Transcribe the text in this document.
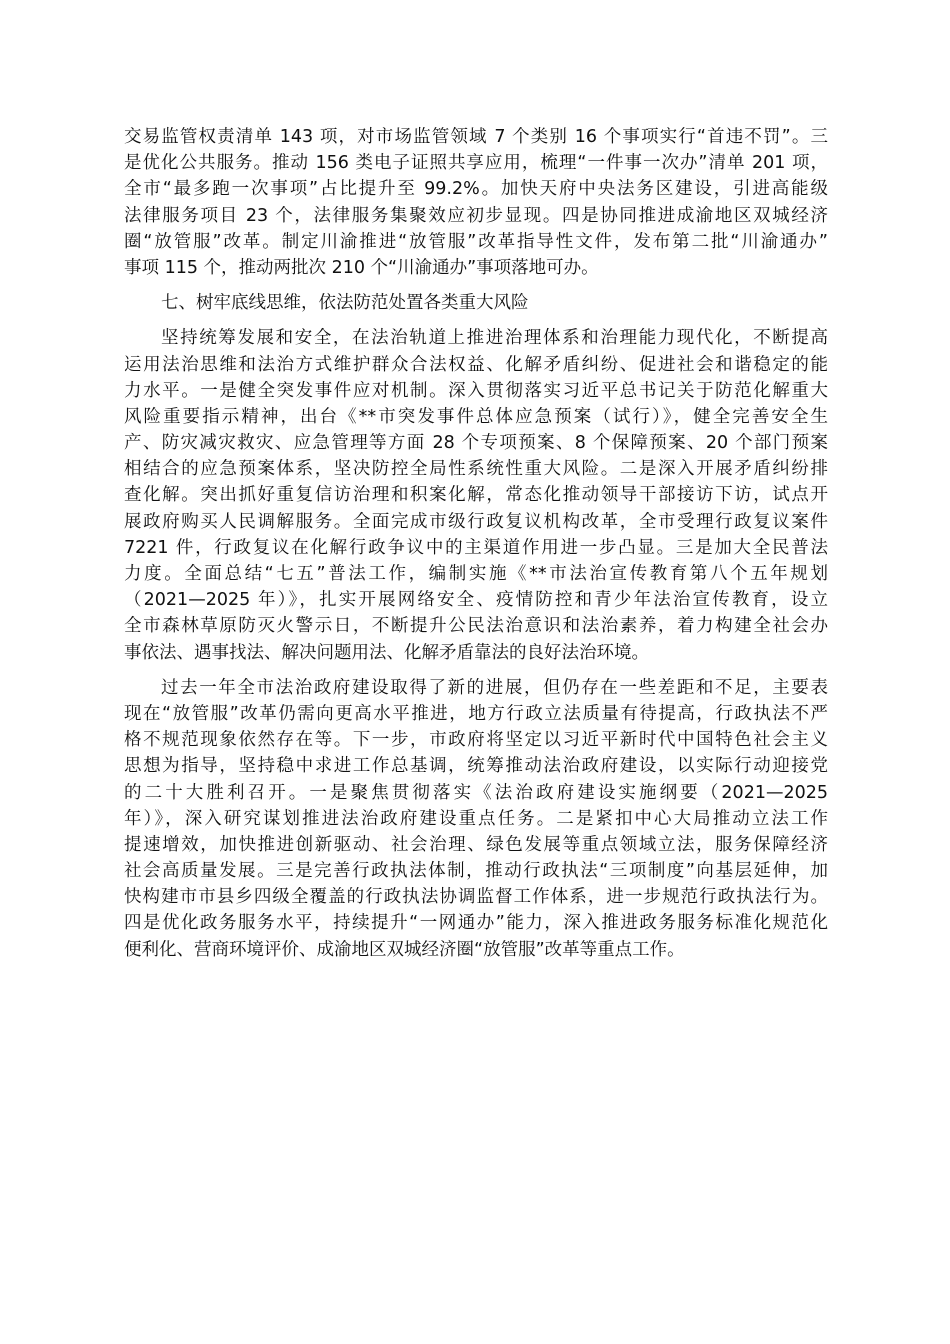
交易监管权责清单 143 项，对市场监管领域 7 个类别 16 个事项实行“首违不罚”。三
是优化公共服务。推动 156 类电子证照共享应用，梳理“一件事一次办”清单 201 项，
全市“最多跑一次事项”占比提升至 99.2%。加快天府中央法务区建设，引进高能级
法律服务项目 23 个，法律服务集聚效应初步显现。四是协同推进成渝地区双城经济
圈“放管服”改革。制定川渝推进“放管服”改革指导性文件，发布第二批“川渝通办”
事项 115 个，推动两批次 210 个“川渝通办”事项落地可办。
七、树牢底线思维，依法防范处置各类重大风险
坚持统筹发展和安全，在法治轨道上推进治理体系和治理能力现代化，不断提高
运用法治思维和法治方式维护群众合法权益、化解矛盾纠纷、促进社会和谐稳定的能
力水平。一是健全突发事件应对机制。深入贯彻落实习近平总书记关于防范化解重大
风险重要指示精神，出台《**市突发事件总体应急预案（试行）》，健全完善安全生
产、防灾减灾救灾、应急管理等方面 28 个专项预案、8 个保障预案、20 个部门预案
相结合的应急预案体系，坚决防控全局性系统性重大风险。二是深入开展矛盾纠纷排
查化解。突出抓好重复信访治理和积案化解，常态化推动领导干部接访下访，试点开
展政府购买人民调解服务。全面完成市级行政复议机构改革，全市受理行政复议案件
7221 件，行政复议在化解行政争议中的主渠道作用进一步凸显。三是加大全民普法
力度。全面总结“七五”普法工作，编制实施《**市法治宣传教育第八个五年规划
（2021—2025 年）》，扎实开展网络安全、疫情防控和青少年法治宣传教育，设立
全市森林草原防灭火警示日，不断提升公民法治意识和法治素养，着力构建全社会办
事依法、遇事找法、解决问题用法、化解矛盾靠法的良好法治环境。
过去一年全市法治政府建设取得了新的进展，但仍存在一些差距和不足，主要表
现在“放管服”改革仍需向更高水平推进，地方行政立法质量有待提高，行政执法不严
格不规范现象依然存在等。下一步，市政府将坚定以习近平新时代中国特色社会主义
思想为指导，坚持稳中求进工作总基调，统筹推动法治政府建设，以实际行动迎接党
的二十大胜利召开。一是聚焦贯彻落实《法治政府建设实施纲要（2021—2025
年）》，深入研究谋划推进法治政府建设重点任务。二是紧扣中心大局推动立法工作
提速增效，加快推进创新驱动、社会治理、绿色发展等重点领域立法，服务保障经济
社会高质量发展。三是完善行政执法体制，推动行政执法“三项制度”向基层延伸，加
快构建市市县乡四级全覆盖的行政执法协调监督工作体系，进一步规范行政执法行为。
四是优化政务服务水平，持续提升“一网通办”能力，深入推进政务服务标准化规范化
便利化、营商环境评价、成渝地区双城经济圈“放管服”改革等重点工作。
